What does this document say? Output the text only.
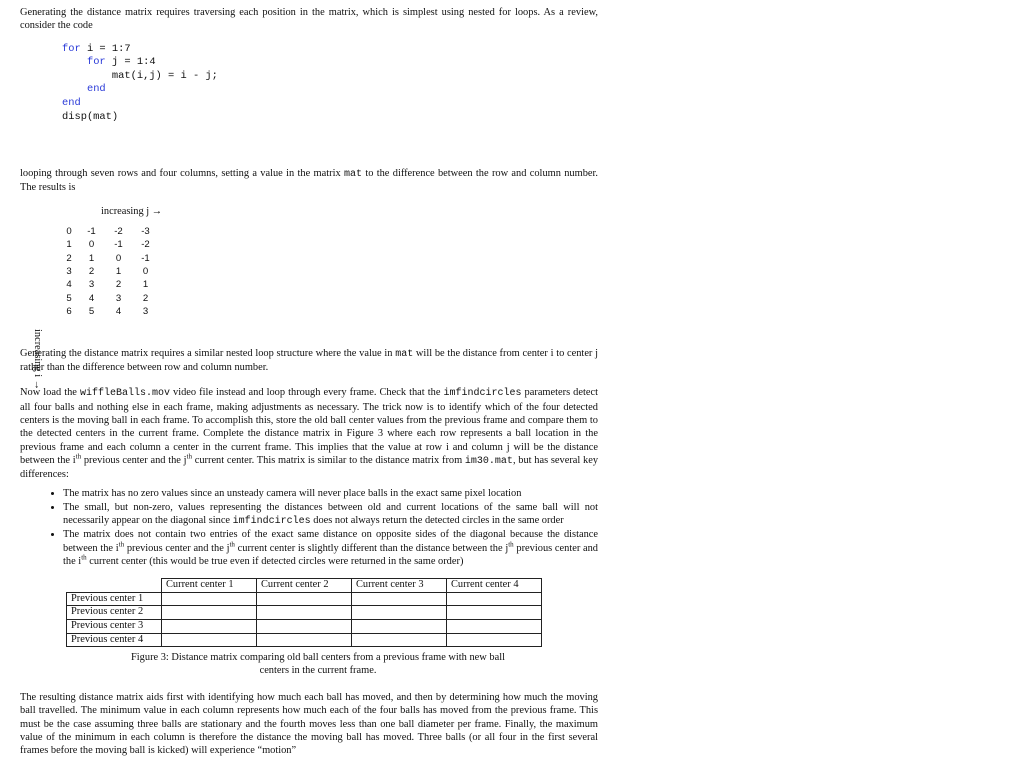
Generating the distance matrix requires traversing each position in the matrix, which is simplest using nested for loops. As a review, consider the code

for i = 1:7
for j = 1:4
mat(i,j) = i - j;
end
end
disp(mat)

looping through seven rows and four columns, setting a value in the matrix mat to the difference between the row and column number. The results is

increasing j →
increasing i →
0	-1	-2	-3
1	0	-1	-2
2	1	0	-1
3	2	1	0
4	3	2	1
5	4	3	2
6	5	4	3

Generating the distance matrix requires a similar nested loop structure where the value in mat will be the distance from center i to center j rather than the difference between row and column number.

Now load the wiffleBalls.mov video file instead and loop through every frame. Check that the imfindcircles parameters detect all four balls and nothing else in each frame, making adjustments as necessary. The trick now is to identify which of the four detected centers is the moving ball in each frame. To accomplish this, store the old ball center values from the previous frame and compare them to the detected centers in the current frame. Complete the distance matrix in Figure 3 where each row represents a ball location in the previous frame and each column a center in the current frame. This implies that the value at row i and column j will be the distance between the $i^{th}$ previous center and the $j^{th}$ current center. This matrix is similar to the distance matrix from im30.mat, but has several key differences:

• The matrix has no zero values since an unsteady camera will never place balls in the exact same pixel location
• The small, but non-zero, values representing the distances between old and current locations of the same ball will not necessarily appear on the diagonal since imfindcircles does not always return the detected circles in the same order
• The matrix does not contain two entries of the exact same distance on opposite sides of the diagonal because the distance between the $i^{th}$ previous center and the $j^{th}$ current center is slightly different than the distance between the $j^{th}$ previous center and the $i^{th}$ current center (this would be true even if detected circles were returned in the same order)
	Current center 1	Current center 2	Current center 3	Current center 4
Previous center 1				
Previous center 2				
Previous center 3				
Previous center 4				
Figure 3: Distance matrix comparing old ball centers from a previous frame with new ball centers in the current frame.

The resulting distance matrix aids first with identifying how much each ball has moved, and then by determining how much the moving ball travelled. The minimum value in each column represents how much each of the four balls has moved from the previous frame. This must be the case assuming three balls are stationary and the fourth moves less than one ball diameter per frame. Finally, the maximum value of the minimum in each column is therefore the distance the moving ball has moved. Three balls (or all four in the first several frames before the moving ball is kicked) will experience “motion”
